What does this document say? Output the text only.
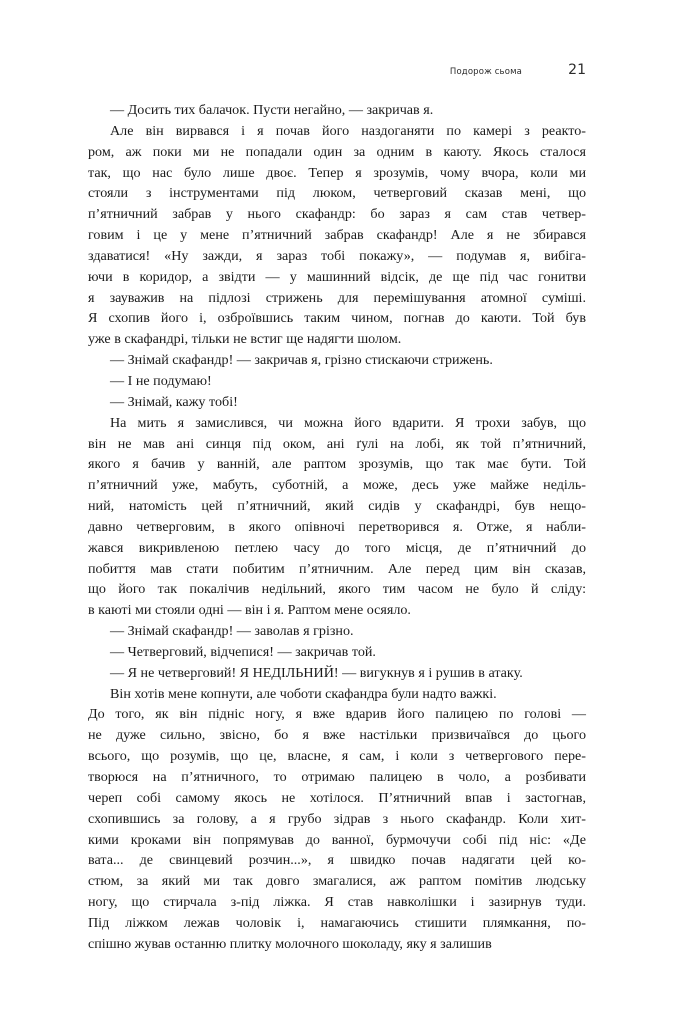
Подорож сьома	21
— Досить тих балачок. Пусти негайно, — закричав я.
Але він вирвався і я почав його наздоганяти по камері з реакто-
ром, аж поки ми не попадали один за одним в каюту. Якось сталося
так, що нас було лише двоє. Тепер я зрозумів, чому вчора, коли ми
стояли з інструментами під люком, четверговий сказав мені, що
п’ятничний забрав у нього скафандр: бо зараз я сам став четвер-
говим і це у мене п’ятничний забрав скафандр! Але я не збирався
здаватися! «Ну зажди, я зараз тобі покажу», — подумав я, вибіга-
ючи в коридор, а звідти — у машинний відсік, де ще під час гонитви
я зауважив на підлозі стрижень для перемішування атомної суміші.
Я схопив його і, озброївшись таким чином, погнав до каюти. Той був
уже в скафандрі, тільки не встиг ще надягти шолом.
— Знімай скафандр! — закричав я, грізно стискаючи стрижень.
— І не подумаю!
— Знімай, кажу тобі!
На мить я замислився, чи можна його вдарити. Я трохи забув, що
він не мав ані синця під оком, ані ґулі на лобі, як той п’ятничний,
якого я бачив у ванній, але раптом зрозумів, що так має бути. Той
п’ятничний уже, мабуть, суботній, а може, десь уже майже неділь-
ний, натомість цей п’ятничний, який сидів у скафандрі, був нещо-
давно четверговим, в якого опівночі перетворився я. Отже, я набли-
жався викривленою петлею часу до того місця, де п’ятничний до
побиття мав стати побитим п’ятничним. Але перед цим він сказав,
що його так покалічив недільний, якого тим часом не було й сліду:
в каюті ми стояли одні — він і я. Раптом мене осяяло.
— Знімай скафандр! — заволав я грізно.
— Четверговий, відчепися! — закричав той.
— Я не четверговий! Я НЕДІЛЬНИЙ! — вигукнув я і рушив в атаку.
Він хотів мене копнути, але чоботи скафандра були надто важкі.
До того, як він підніс ногу, я вже вдарив його палицею по голові —
не дуже сильно, звісно, бо я вже настільки призвичаївся до цього
всього, що розумів, що це, власне, я сам, і коли з четвергового пере-
творюся на п’ятничного, то отримаю палицею в чоло, а розбивати
череп собі самому якось не хотілося. П’ятничний впав і застогнав,
схопившись за голову, а я грубо зідрав з нього скафандр. Коли хит-
кими кроками він попрямував до ванної, бурмочучи собі під ніс: «Де
вата... де свинцевий розчин...», я швидко почав надягати цей ко-
стюм, за який ми так довго змагалися, аж раптом помітив людську
ногу, що стирчала з-під ліжка. Я став навколішки і зазирнув туди.
Під ліжком лежав чоловік і, намагаючись стишити плямкання, по-
спішно жував останню плитку молочного шоколаду, яку я залишив
